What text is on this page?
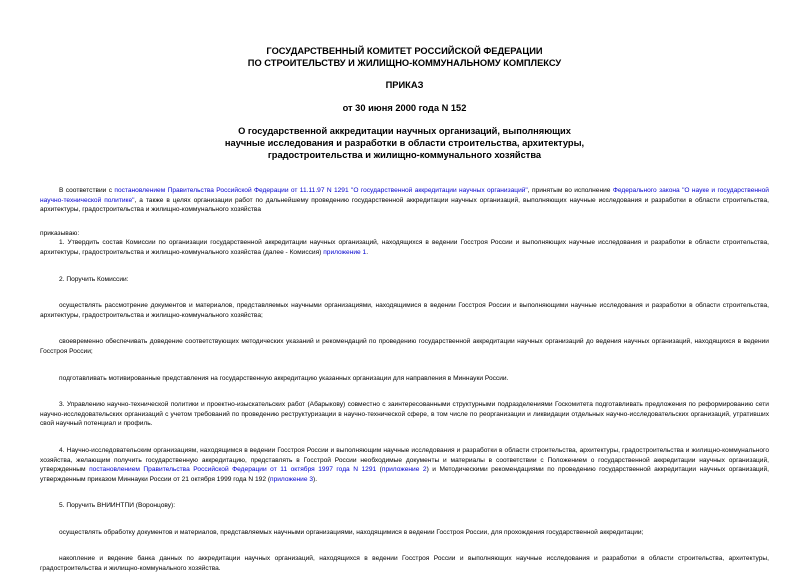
ГОСУДАРСТВЕННЫЙ КОМИТЕТ РОССИЙСКОЙ ФЕДЕРАЦИИ
ПО СТРОИТЕЛЬСТВУ И ЖИЛИЩНО-КОММУНАЛЬНОМУ КОМПЛЕКСУ
ПРИКАЗ
от 30 июня 2000 года N 152
О государственной аккредитации научных организаций, выполняющих
научные исследования и разработки в области строительства, архитектуры,
градостроительства и жилищно-коммунального хозяйства

В соответствии с постановлением Правительства Российской Федерации от 11.11.97 N 1291 "О государственной аккредитации научных организаций", принятым во исполнение Федерального закона "О науке и государственной научно-технической политике", а также в целях организации работ по дальнейшему проведению государственной аккредитации научных организаций, выполняющих научные исследования и разработки в области строительства, архитектуры, градостроительства и жилищно-коммунального хозяйства

приказываю:

1. Утвердить состав Комиссии по организации государственной аккредитации научных организаций, находящихся в ведении Госстроя России и выполняющих научные исследования и разработки в области строительства, архитектуры, градостроительства и жилищно-коммунального хозяйства (далее - Комиссия) приложение 1.

2. Поручить Комиссии:

осуществлять рассмотрение документов и материалов, представляемых научными организациями, находящимися в ведении Госстроя России и выполняющими научные исследования и разработки в области строительства, архитектуры, градостроительства и жилищно-коммунального хозяйства;

своевременно обеспечивать доведение соответствующих методических указаний и рекомендаций по проведению государственной аккредитации научных организаций до ведения научных организаций, находящихся в ведении Госстроя России;

подготавливать мотивированные представления на государственную аккредитацию указанных организации для направления в Миннауки России.

3. Управлению научно-технической политики и проектно-изыскательских работ (Абарыкову) совместно с заинтересованными структурными подразделениями Госкомитета подготавливать предложения по реформированию сети научно-исследовательских организаций с учетом требований по проведению реструктуризации в научно-технической сфере, в том числе по реорганизации и ликвидации отдельных научно-исследовательских организаций, утративших свой научный потенциал и профиль.

4. Научно-исследовательским организациям, находящимся в ведении Госстроя России и выполняющим научные исследования и разработки в области строительства, архитектуры, градостроительства и жилищно-коммунального хозяйства, желающим получить государственную аккредитацию, представлять в Госстрой России необходимые документы и материалы в соответствии с Положением о государственной аккредитации научных организаций, утвержденным постановлением Правительства Российской Федерации от 11 октября 1997 года N 1291 (приложение 2) и Методическими рекомендациями по проведению государственной аккредитации научных организаций, утвержденным приказом Миннауки России от 21 октября 1999 года N 192 (приложение 3).

5. Поручить ВНИИНТПИ (Воронцову):

осуществлять обработку документов и материалов, представляемых научными организациями, находящимися в ведении Госстроя России, для прохождения государственной аккредитации;

накопление и ведение банка данных по аккредитации научных организаций, находящихся в ведении Госстроя России и выполняющих научные исследования и разработки в области строительства, архитектуры, градостроительства и жилищно-коммунального хозяйства.
